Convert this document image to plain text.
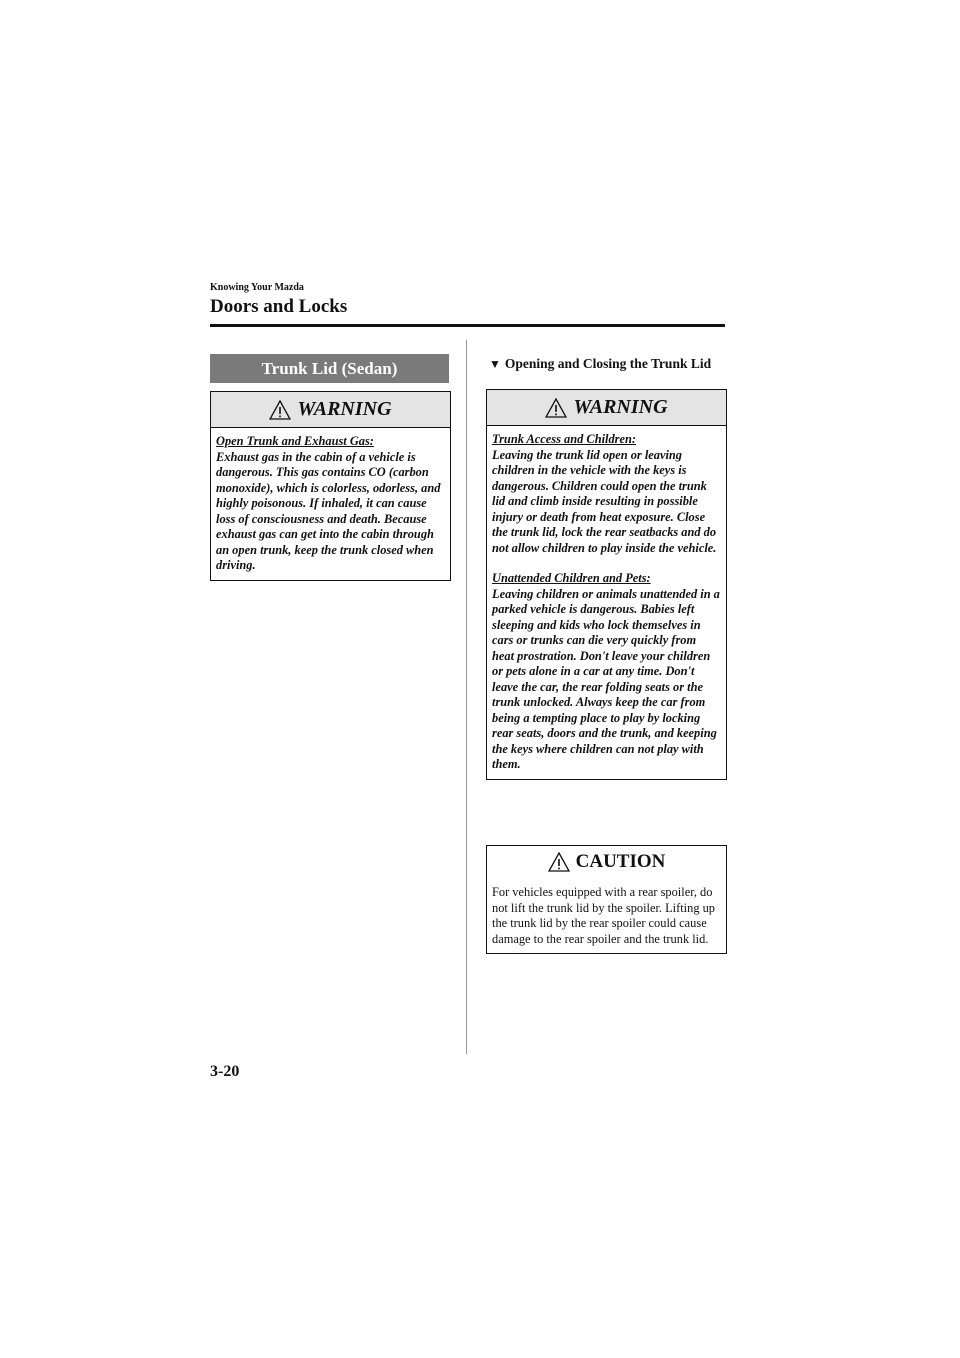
Knowing Your Mazda
Doors and Locks
Trunk Lid (Sedan)
WARNING

Open Trunk and Exhaust Gas:
Exhaust gas in the cabin of a vehicle is dangerous. This gas contains CO (carbon monoxide), which is colorless, odorless, and highly poisonous. If inhaled, it can cause loss of consciousness and death. Because exhaust gas can get into the cabin through an open trunk, keep the trunk closed when driving.

▼ Opening and Closing the Trunk Lid
WARNING

Trunk Access and Children:
Leaving the trunk lid open or leaving children in the vehicle with the keys is dangerous. Children could open the trunk lid and climb inside resulting in possible injury or death from heat exposure. Close the trunk lid, lock the rear seatbacks and do not allow children to play inside the vehicle.

Unattended Children and Pets:
Leaving children or animals unattended in a parked vehicle is dangerous. Babies left sleeping and kids who lock themselves in cars or trunks can die very quickly from heat prostration. Don't leave your children or pets alone in a car at any time. Don't leave the car, the rear folding seats or the trunk unlocked. Always keep the car from being a tempting place to play by locking rear seats, doors and the trunk, and keeping the keys where children can not play with them.

CAUTION

For vehicles equipped with a rear spoiler, do not lift the trunk lid by the spoiler. Lifting up the trunk lid by the rear spoiler could cause damage to the rear spoiler and the trunk lid.

3-20
